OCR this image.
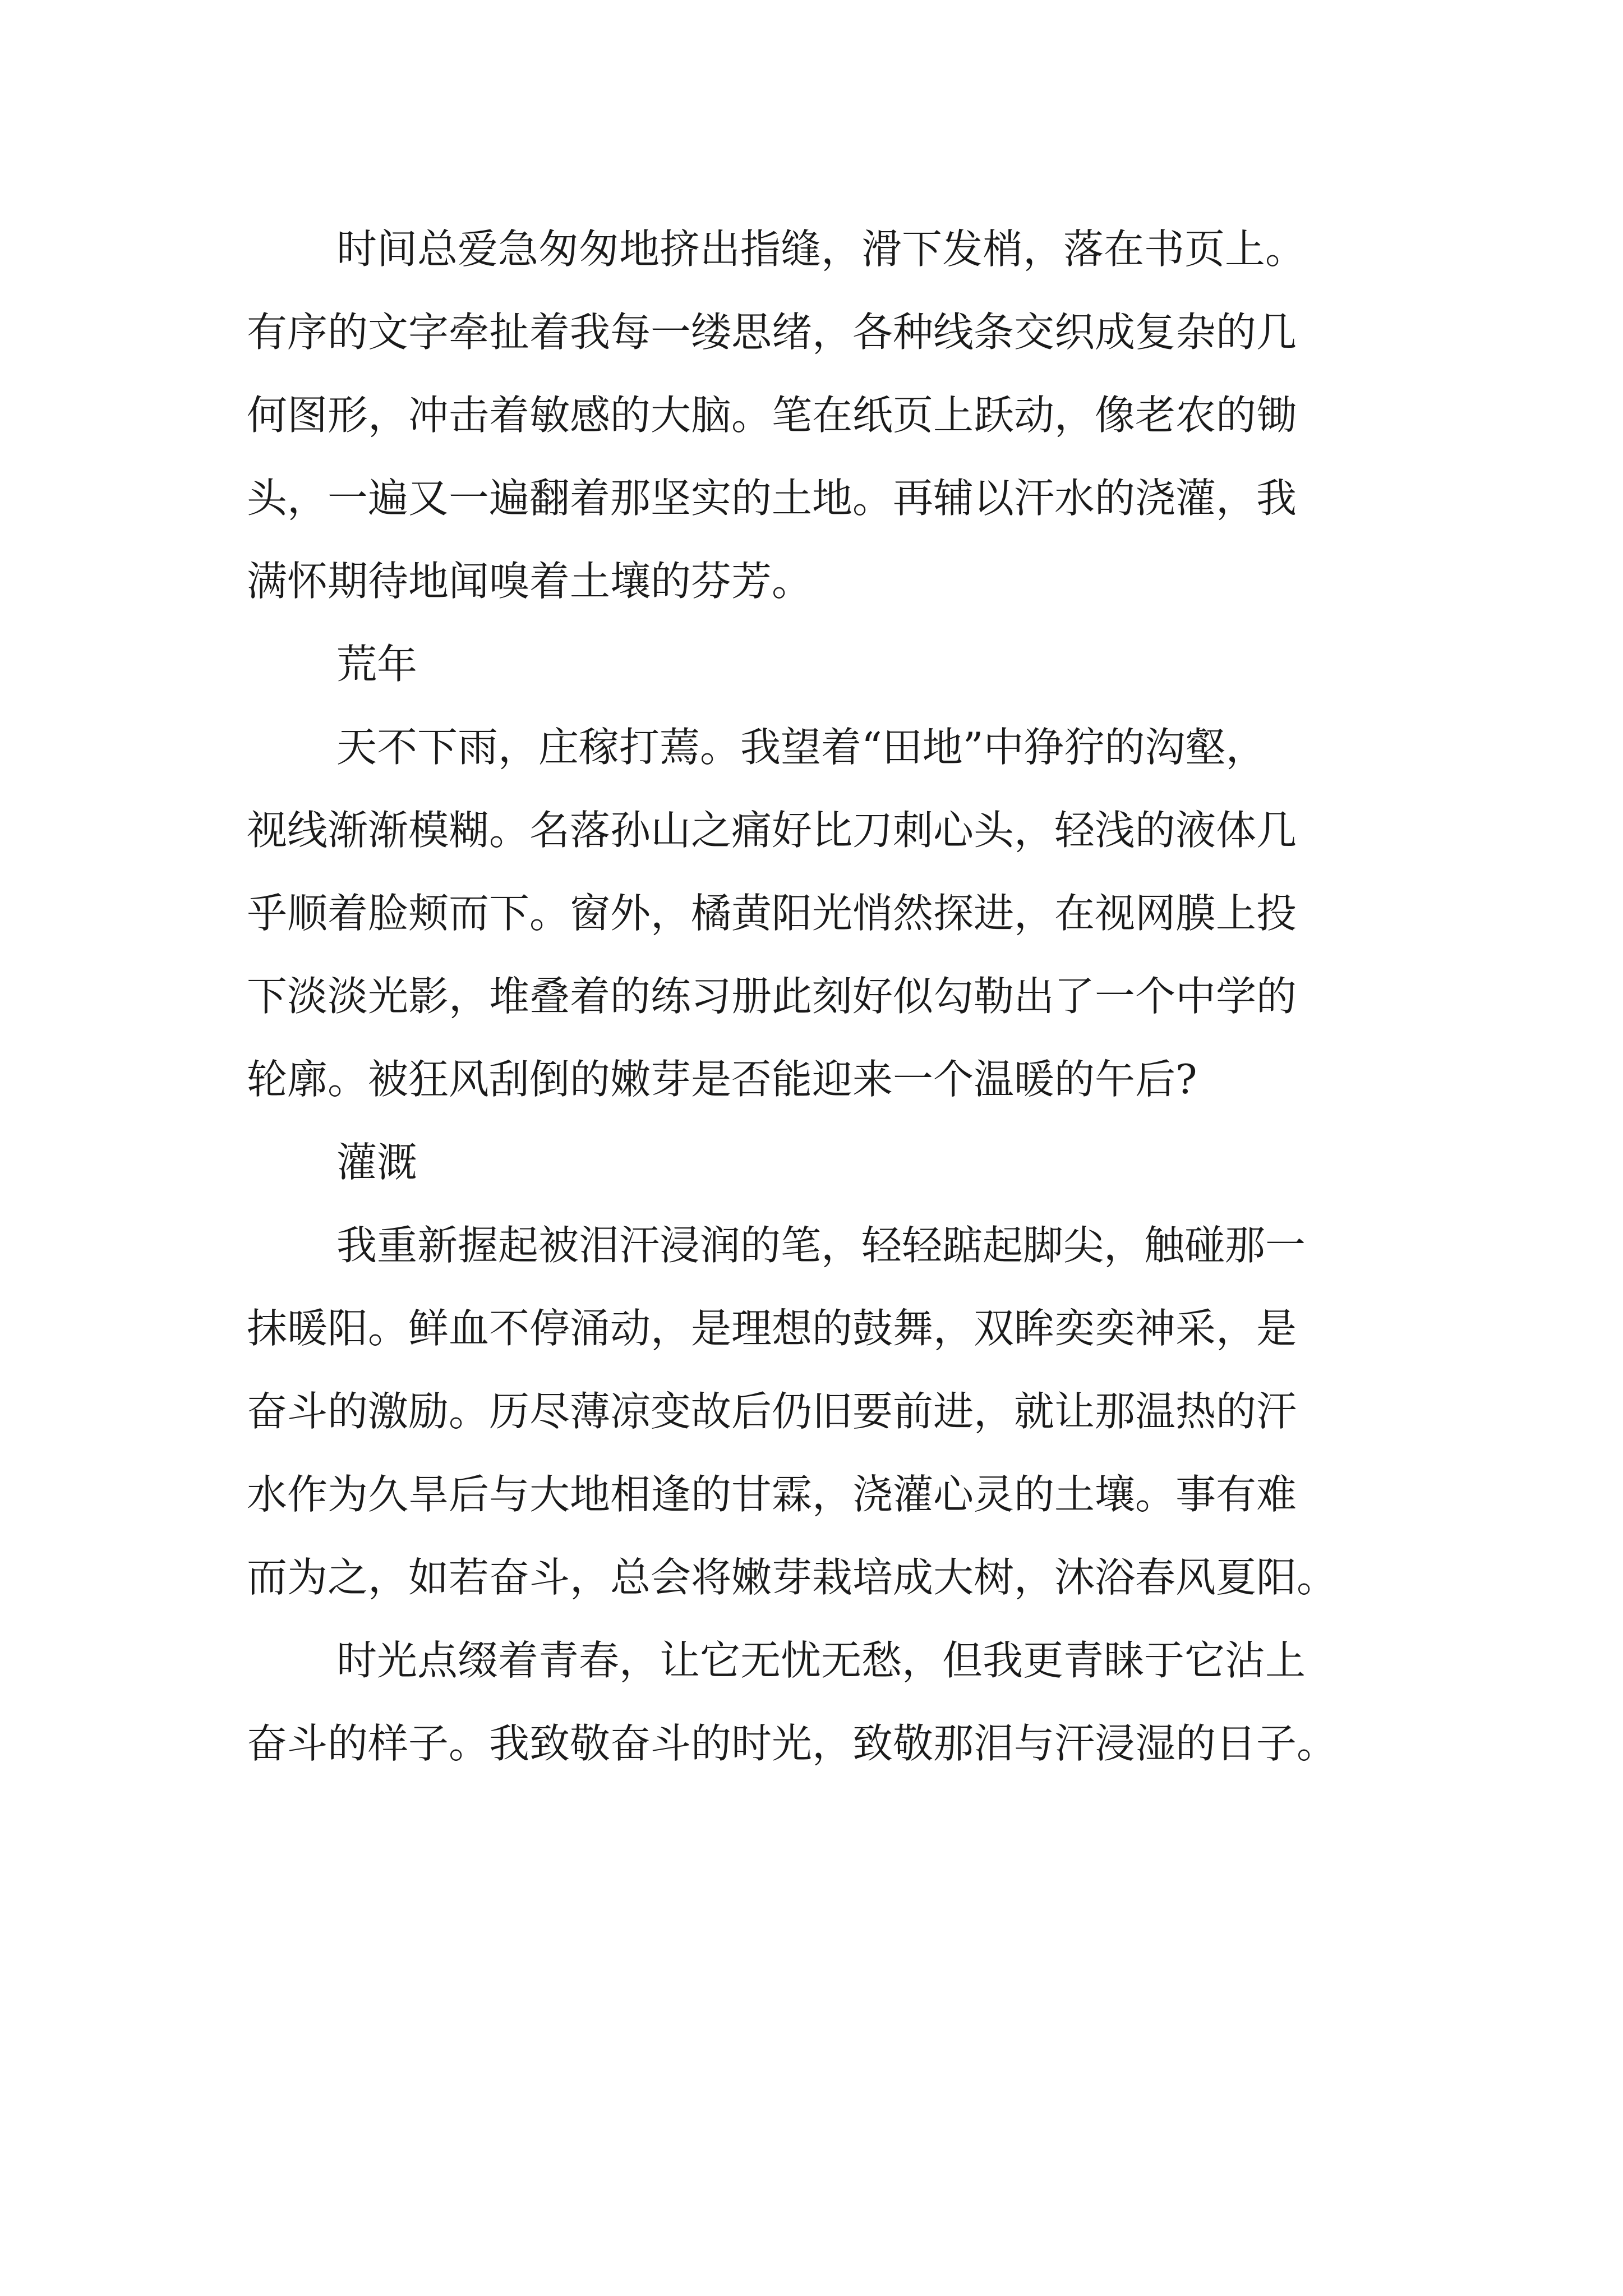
时间总爱急匆匆地挤出指缝，滑下发梢，落在书页上。
有序的文字牵扯着我每一缕思绪，各种线条交织成复杂的几
何图形，冲击着敏感的大脑。笔在纸页上跃动，像老农的锄
头，一遍又一遍翻着那坚实的土地。再辅以汗水的浇灌，我
满怀期待地闻嗅着土壤的芬芳。
荒年
天不下雨，庄稼打蔫。我望着“田地”中狰狞的沟壑，
视线渐渐模糊。名落孙山之痛好比刀刺心头，轻浅的液体几
乎顺着脸颊而下。窗外，橘黄阳光悄然探进，在视网膜上投
下淡淡光影，堆叠着的练习册此刻好似勾勒出了一个中学的
轮廓。被狂风刮倒的嫩芽是否能迎来一个温暖的午后?
灌溉
我重新握起被泪汗浸润的笔，轻轻踮起脚尖，触碰那一
抹暖阳。鲜血不停涌动，是理想的鼓舞，双眸奕奕神采，是
奋斗的激励。历尽薄凉变故后仍旧要前进，就让那温热的汗
水作为久旱后与大地相逢的甘霖，浇灌心灵的土壤。事有难
而为之，如若奋斗，总会将嫩芽栽培成大树，沐浴春风夏阳。
时光点缀着青春，让它无忧无愁，但我更青睐于它沾上
奋斗的样子。我致敬奋斗的时光，致敬那泪与汗浸湿的日子。
